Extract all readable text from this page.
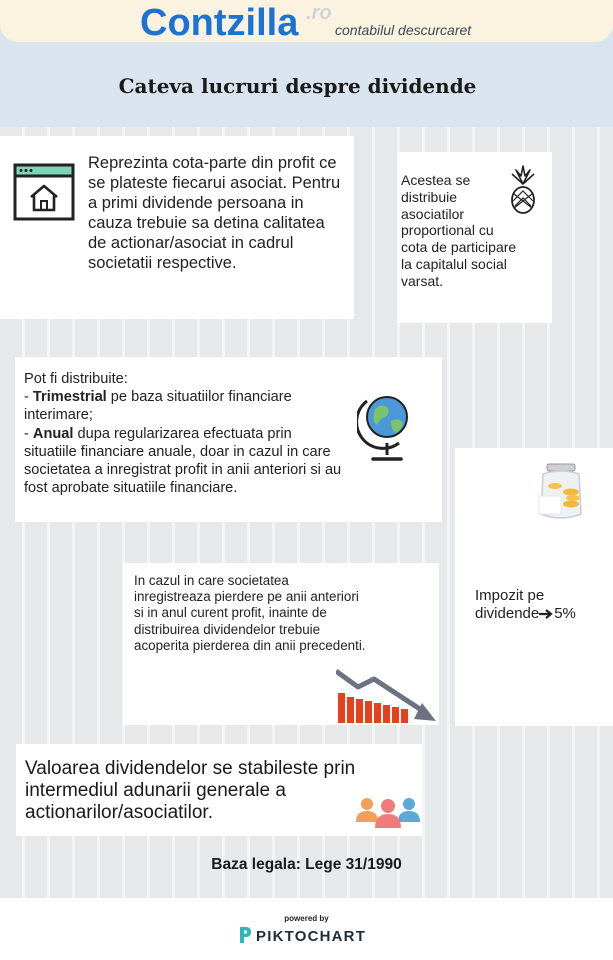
Contzilla .ro
contabilul descurcaret
Cateva lucruri despre dividende
Reprezinta cota-parte din profit ce se plateste fiecarui asociat. Pentru a primi dividende persoana in cauza trebuie sa detina calitatea de actionar/asociat in cadrul societatii respective.
Acestea se distribuie asociatilor proportional cu cota de participare la capitalul social varsat.
Pot fi distribuite:
- Trimestrial pe baza situatiilor financiare interimare;
- Anual dupa regularizarea efectuata prin situatiile financiare anuale, doar in cazul in care societatea a inregistrat profit in anii anteriori si au fost aprobate situatiile financiare.
Impozit pe dividende 5%
In cazul in care societatea inregistreaza pierdere pe anii anteriori si in anul curent profit, inainte de distribuirea dividendelor trebuie acoperita pierderea din anii precedenti.
Valoarea dividendelor se stabileste prin intermediul adunarii generale a actionarilor/asociatilor.
Baza legala: Lege 31/1990
powered by
PIKTOCHART
